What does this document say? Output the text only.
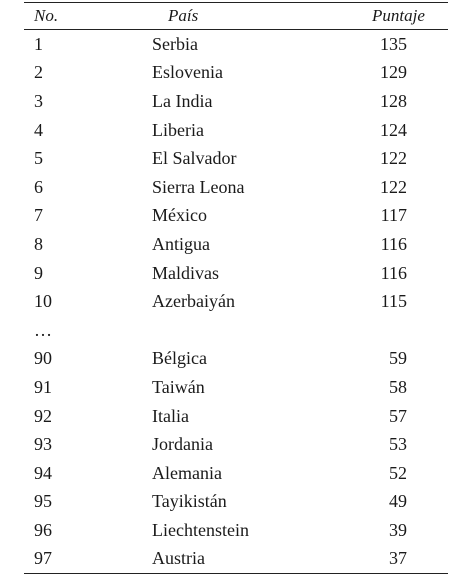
No.	País	Puntaje
1	Serbia	135
2	Eslovenia	129
3	La India	128
4	Liberia	124
5	El Salvador	122
6	Sierra Leona	122
7	México	117
8	Antigua	116
9	Maldivas	116
10	Azerbaiyán	115
…		
90	Bélgica	59
91	Taiwán	58
92	Italia	57
93	Jordania	53
94	Alemania	52
95	Tayikistán	49
96	Liechtenstein	39
97	Austria	37
